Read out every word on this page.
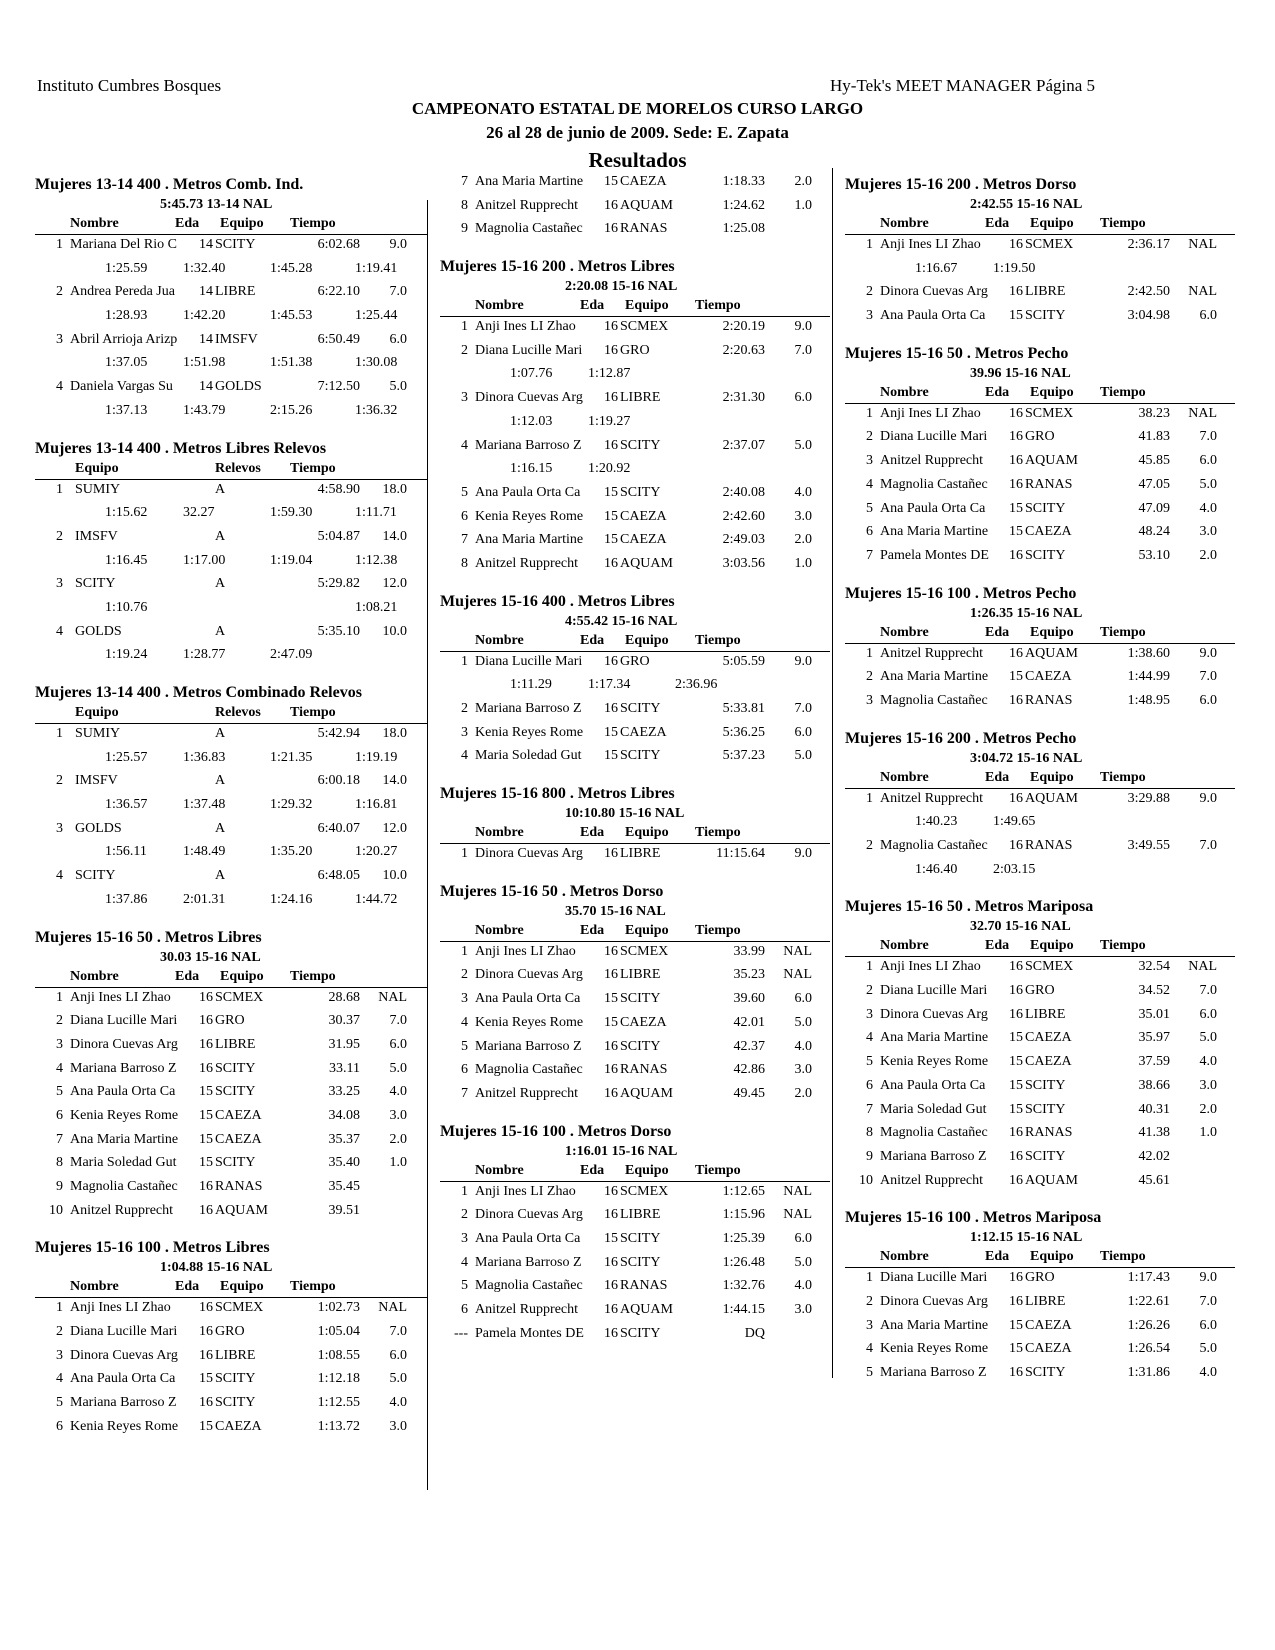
Instituto Cumbres Bosques	Hy-Tek's MEET MANAGER Página 5
CAMPEONATO ESTATAL DE MORELOS CURSO LARGO
26 al 28 de junio de 2009. Sede: E. Zapata
Resultados
Mujeres 13-14 400 . Metros Comb. Ind.
5:45.73 13-14 NAL
Nombre	Eda Equipo Tiempo
1 Mariana Del Rio C	14 SCITY	6:02.68	9.0
1:25.59	1:32.40	1:45.28	1:19.41
2 Andrea Pereda Jua	14 LIBRE	6:22.10	7.0
1:28.93	1:42.20	1:45.53	1:25.44
3 Abril Arrioja Arizp	14 IMSFV	6:50.49	6.0
1:37.05	1:51.98	1:51.38	1:30.08
4 Daniela Vargas Su	14 GOLDS	7:12.50	5.0
1:37.13	1:43.79	2:15.26	1:36.32
Mujeres 13-14 400 . Metros Libres Relevos
Equipo	Relevos Tiempo
1 SUMIY	A	4:58.90	18.0
1:15.62	32.27	1:59.30	1:11.71
2 IMSFV	A	5:04.87	14.0
1:16.45	1:17.00	1:19.04	1:12.38
3 SCITY	A	5:29.82	12.0
1:10.76	1:08.21
4 GOLDS	A	5:35.10	10.0
1:19.24	1:28.77	2:47.09
Mujeres 13-14 400 . Metros Combinado Relevos
Equipo	Relevos Tiempo
1 SUMIY	A	5:42.94	18.0
1:25.57	1:36.83	1:21.35	1:19.19
2 IMSFV	A	6:00.18	14.0
1:36.57	1:37.48	1:29.32	1:16.81
3 GOLDS	A	6:40.07	12.0
1:56.11	1:48.49	1:35.20	1:20.27
4 SCITY	A	6:48.05	10.0
1:37.86	2:01.31	1:24.16	1:44.72
Mujeres 15-16 50 . Metros Libres
30.03 15-16 NAL
Nombre	Eda Equipo Tiempo
1 Anji Ines LI Zhao	16 SCMEX	28.68	NAL
2 Diana Lucille Mari	16 GRO	30.37	7.0
3 Dinora Cuevas Arg	16 LIBRE	31.95	6.0
4 Mariana Barroso Z	16 SCITY	33.11	5.0
5 Ana Paula Orta Ca	15 SCITY	33.25	4.0
6 Kenia Reyes Rome	15 CAEZA	34.08	3.0
7 Ana Maria Martine	15 CAEZA	35.37	2.0
8 Maria Soledad Gut	15 SCITY	35.40	1.0
9 Magnolia Castañec	16 RANAS	35.45
10 Anitzel Rupprecht	16 AQUAM	39.51
Mujeres 15-16 100 . Metros Libres
1:04.88 15-16 NAL
Nombre	Eda Equipo Tiempo
1 Anji Ines LI Zhao	16 SCMEX	1:02.73	NAL
2 Diana Lucille Mari	16 GRO	1:05.04	7.0
3 Dinora Cuevas Arg	16 LIBRE	1:08.55	6.0
4 Ana Paula Orta Ca	15 SCITY	1:12.18	5.0
5 Mariana Barroso Z	16 SCITY	1:12.55	4.0
6 Kenia Reyes Rome	15 CAEZA	1:13.72	3.0
7 Ana Maria Martine	15 CAEZA	1:18.33	2.0
8 Anitzel Rupprecht	16 AQUAM	1:24.62	1.0
9 Magnolia Castañec	16 RANAS	1:25.08
Mujeres 15-16 200 . Metros Libres
2:20.08 15-16 NAL
Nombre	Eda Equipo Tiempo
1 Anji Ines LI Zhao	16 SCMEX	2:20.19	9.0
2 Diana Lucille Mari	16 GRO	2:20.63	7.0
1:07.76	1:12.87
3 Dinora Cuevas Arg	16 LIBRE	2:31.30	6.0
1:12.03	1:19.27
4 Mariana Barroso Z	16 SCITY	2:37.07	5.0
1:16.15	1:20.92
5 Ana Paula Orta Ca	15 SCITY	2:40.08	4.0
6 Kenia Reyes Rome	15 CAEZA	2:42.60	3.0
7 Ana Maria Martine	15 CAEZA	2:49.03	2.0
8 Anitzel Rupprecht	16 AQUAM	3:03.56	1.0
Mujeres 15-16 400 . Metros Libres
4:55.42 15-16 NAL
Nombre	Eda Equipo Tiempo
1 Diana Lucille Mari	16 GRO	5:05.59	9.0
1:11.29	1:17.34	2:36.96
2 Mariana Barroso Z	16 SCITY	5:33.81	7.0
3 Kenia Reyes Rome	15 CAEZA	5:36.25	6.0
4 Maria Soledad Gut	15 SCITY	5:37.23	5.0
Mujeres 15-16 800 . Metros Libres
10:10.80 15-16 NAL
Nombre	Eda Equipo Tiempo
1 Dinora Cuevas Arg	16 LIBRE	11:15.64	9.0
Mujeres 15-16 50 . Metros Dorso
35.70 15-16 NAL
Nombre	Eda Equipo Tiempo
1 Anji Ines LI Zhao	16 SCMEX	33.99	NAL
2 Dinora Cuevas Arg	16 LIBRE	35.23	NAL
3 Ana Paula Orta Ca	15 SCITY	39.60	6.0
4 Kenia Reyes Rome	15 CAEZA	42.01	5.0
5 Mariana Barroso Z	16 SCITY	42.37	4.0
6 Magnolia Castañec	16 RANAS	42.86	3.0
7 Anitzel Rupprecht	16 AQUAM	49.45	2.0
Mujeres 15-16 100 . Metros Dorso
1:16.01 15-16 NAL
Nombre	Eda Equipo Tiempo
1 Anji Ines LI Zhao	16 SCMEX	1:12.65	NAL
2 Dinora Cuevas Arg	16 LIBRE	1:15.96	NAL
3 Ana Paula Orta Ca	15 SCITY	1:25.39	6.0
4 Mariana Barroso Z	16 SCITY	1:26.48	5.0
5 Magnolia Castañec	16 RANAS	1:32.76	4.0
6 Anitzel Rupprecht	16 AQUAM	1:44.15	3.0
--- Pamela Montes DE	16 SCITY	DQ
Mujeres 15-16 200 . Metros Dorso
2:42.55 15-16 NAL
Nombre	Eda Equipo Tiempo
1 Anji Ines LI Zhao	16 SCMEX	2:36.17	NAL
1:16.67	1:19.50
2 Dinora Cuevas Arg	16 LIBRE	2:42.50	NAL
3 Ana Paula Orta Ca	15 SCITY	3:04.98	6.0
Mujeres 15-16 50 . Metros Pecho
39.96 15-16 NAL
Nombre	Eda Equipo Tiempo
1 Anji Ines LI Zhao	16 SCMEX	38.23	NAL
2 Diana Lucille Mari	16 GRO	41.83	7.0
3 Anitzel Rupprecht	16 AQUAM	45.85	6.0
4 Magnolia Castañec	16 RANAS	47.05	5.0
5 Ana Paula Orta Ca	15 SCITY	47.09	4.0
6 Ana Maria Martine	15 CAEZA	48.24	3.0
7 Pamela Montes DE	16 SCITY	53.10	2.0
Mujeres 15-16 100 . Metros Pecho
1:26.35 15-16 NAL
Nombre	Eda Equipo Tiempo
1 Anitzel Rupprecht	16 AQUAM	1:38.60	9.0
2 Ana Maria Martine	15 CAEZA	1:44.99	7.0
3 Magnolia Castañec	16 RANAS	1:48.95	6.0
Mujeres 15-16 200 . Metros Pecho
3:04.72 15-16 NAL
Nombre	Eda Equipo Tiempo
1 Anitzel Rupprecht	16 AQUAM	3:29.88	9.0
1:40.23	1:49.65
2 Magnolia Castañec	16 RANAS	3:49.55	7.0
1:46.40	2:03.15
Mujeres 15-16 50 . Metros Mariposa
32.70 15-16 NAL
Nombre	Eda Equipo Tiempo
1 Anji Ines LI Zhao	16 SCMEX	32.54	NAL
2 Diana Lucille Mari	16 GRO	34.52	7.0
3 Dinora Cuevas Arg	16 LIBRE	35.01	6.0
4 Ana Maria Martine	15 CAEZA	35.97	5.0
5 Kenia Reyes Rome	15 CAEZA	37.59	4.0
6 Ana Paula Orta Ca	15 SCITY	38.66	3.0
7 Maria Soledad Gut	15 SCITY	40.31	2.0
8 Magnolia Castañec	16 RANAS	41.38	1.0
9 Mariana Barroso Z	16 SCITY	42.02
10 Anitzel Rupprecht	16 AQUAM	45.61
Mujeres 15-16 100 . Metros Mariposa
1:12.15 15-16 NAL
Nombre	Eda Equipo Tiempo
1 Diana Lucille Mari	16 GRO	1:17.43	9.0
2 Dinora Cuevas Arg	16 LIBRE	1:22.61	7.0
3 Ana Maria Martine	15 CAEZA	1:26.26	6.0
4 Kenia Reyes Rome	15 CAEZA	1:26.54	5.0
5 Mariana Barroso Z	16 SCITY	1:31.86	4.0
